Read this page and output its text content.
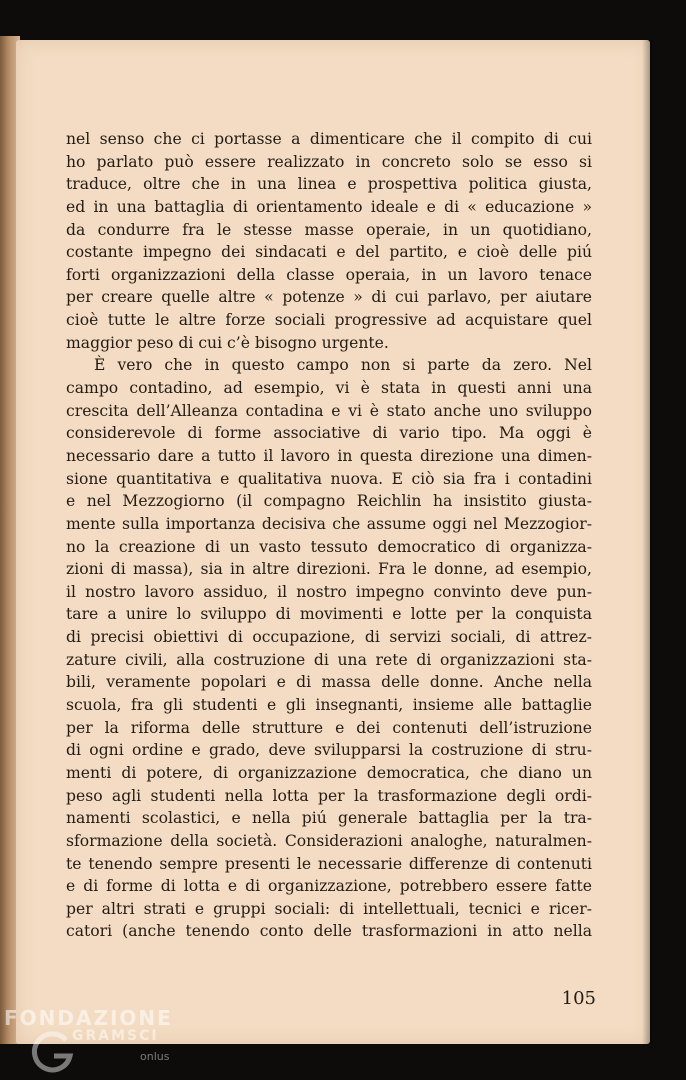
nel senso che ci portasse a dimenticare che il compito di cui
ho parlato può essere realizzato in concreto solo se esso si
traduce, oltre che in una linea e prospettiva politica giusta,
ed in una battaglia di orientamento ideale e di « educazione »
da condurre fra le stesse masse operaie, in un quotidiano,
costante impegno dei sindacati e del partito, e cioè delle piú
forti organizzazioni della classe operaia, in un lavoro tenace
per creare quelle altre « potenze » di cui parlavo, per aiutare
cioè tutte le altre forze sociali progressive ad acquistare quel
maggior peso di cui c’è bisogno urgente.
È vero che in questo campo non si parte da zero. Nel
campo contadino, ad esempio, vi è stata in questi anni una
crescita dell’Alleanza contadina e vi è stato anche uno sviluppo
considerevole di forme associative di vario tipo. Ma oggi è
necessario dare a tutto il lavoro in questa direzione una dimen-
sione quantitativa e qualitativa nuova. E ciò sia fra i contadini
e nel Mezzogiorno (il compagno Reichlin ha insistito giusta-
mente sulla importanza decisiva che assume oggi nel Mezzogior-
no la creazione di un vasto tessuto democratico di organizza-
zioni di massa), sia in altre direzioni. Fra le donne, ad esempio,
il nostro lavoro assiduo, il nostro impegno convinto deve pun-
tare a unire lo sviluppo di movimenti e lotte per la conquista
di precisi obiettivi di occupazione, di servizi sociali, di attrez-
zature civili, alla costruzione di una rete di organizzazioni sta-
bili, veramente popolari e di massa delle donne. Anche nella
scuola, fra gli studenti e gli insegnanti, insieme alle battaglie
per la riforma delle strutture e dei contenuti dell’istruzione
di ogni ordine e grado, deve svilupparsi la costruzione di stru-
menti di potere, di organizzazione democratica, che diano un
peso agli studenti nella lotta per la trasformazione degli ordi-
namenti scolastici, e nella piú generale battaglia per la tra-
sformazione della società. Considerazioni analoghe, naturalmen-
te tenendo sempre presenti le necessarie differenze di contenuti
e di forme di lotta e di organizzazione, potrebbero essere fatte
per altri strati e gruppi sociali: di intellettuali, tecnici e ricer-
catori (anche tenendo conto delle trasformazioni in atto nella
105
FONDAZIONE
GRAMSCI
onlus
